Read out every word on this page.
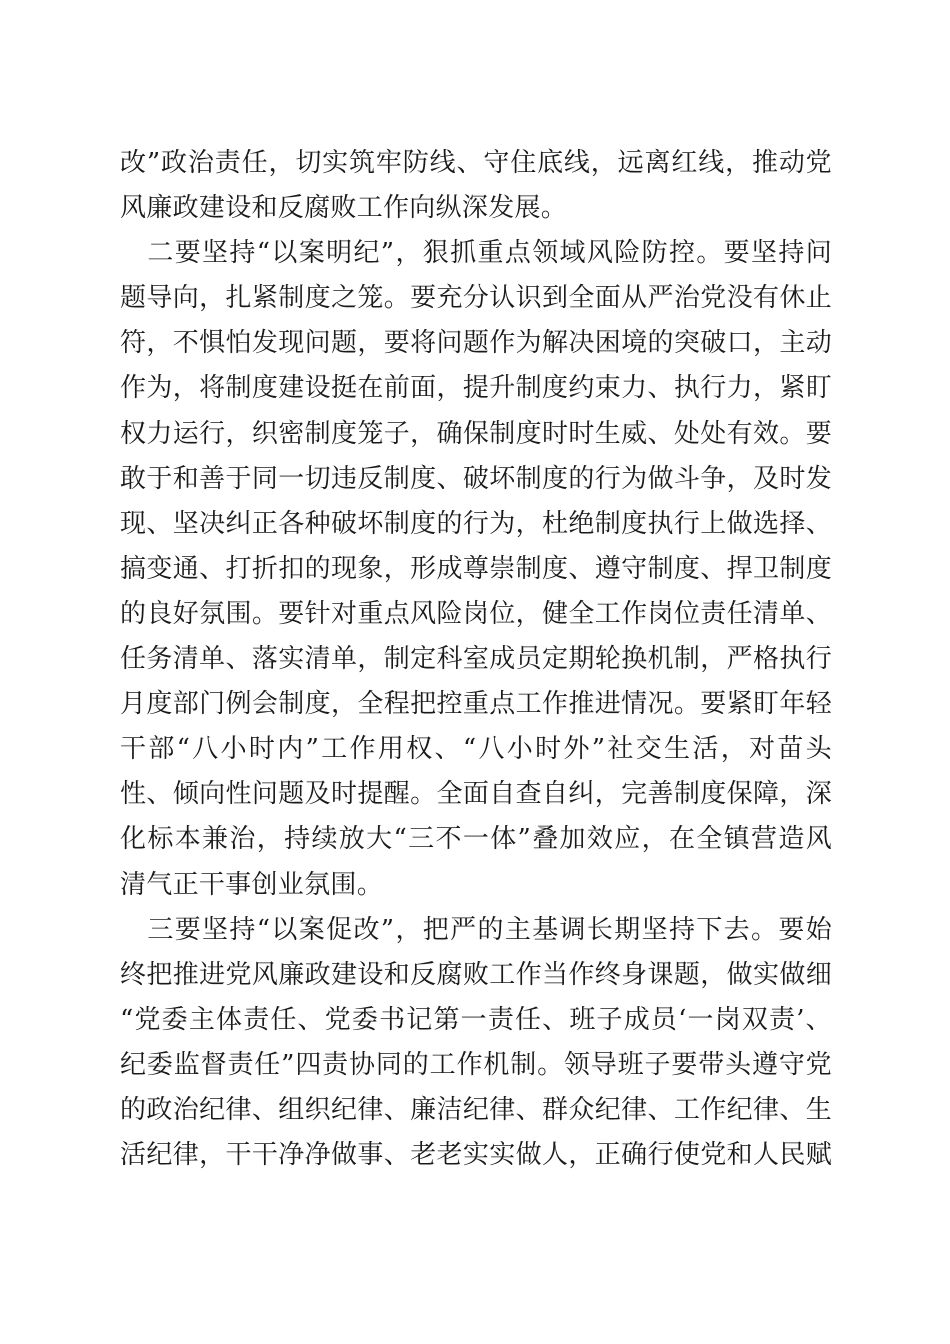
改”政治责任，切实筑牢防线、守住底线，远离红线，推动党
风廉政建设和反腐败工作向纵深发展。
　二要坚持“以案明纪”，狠抓重点领域风险防控。要坚持问
题导向，扎紧制度之笼。要充分认识到全面从严治党没有休止
符，不惧怕发现问题，要将问题作为解决困境的突破口，主动
作为，将制度建设挺在前面，提升制度约束力、执行力，紧盯
权力运行，织密制度笼子，确保制度时时生威、处处有效。要
敢于和善于同一切违反制度、破坏制度的行为做斗争，及时发
现、坚决纠正各种破坏制度的行为，杜绝制度执行上做选择、
搞变通、打折扣的现象，形成尊崇制度、遵守制度、捍卫制度
的良好氛围。要针对重点风险岗位，健全工作岗位责任清单、
任务清单、落实清单，制定科室成员定期轮换机制，严格执行
月度部门例会制度，全程把控重点工作推进情况。要紧盯年轻
干部“八小时内”工作用权、“八小时外”社交生活，对苗头
性、倾向性问题及时提醒。全面自查自纠，完善制度保障，深
化标本兼治，持续放大“三不一体”叠加效应，在全镇营造风
清气正干事创业氛围。
　三要坚持“以案促改”，把严的主基调长期坚持下去。要始
终把推进党风廉政建设和反腐败工作当作终身课题，做实做细
“党委主体责任、党委书记第一责任、班子成员‘一岗双责’、
纪委监督责任”四责协同的工作机制。领导班子要带头遵守党
的政治纪律、组织纪律、廉洁纪律、群众纪律、工作纪律、生
活纪律，干干净净做事、老老实实做人，正确行使党和人民赋
